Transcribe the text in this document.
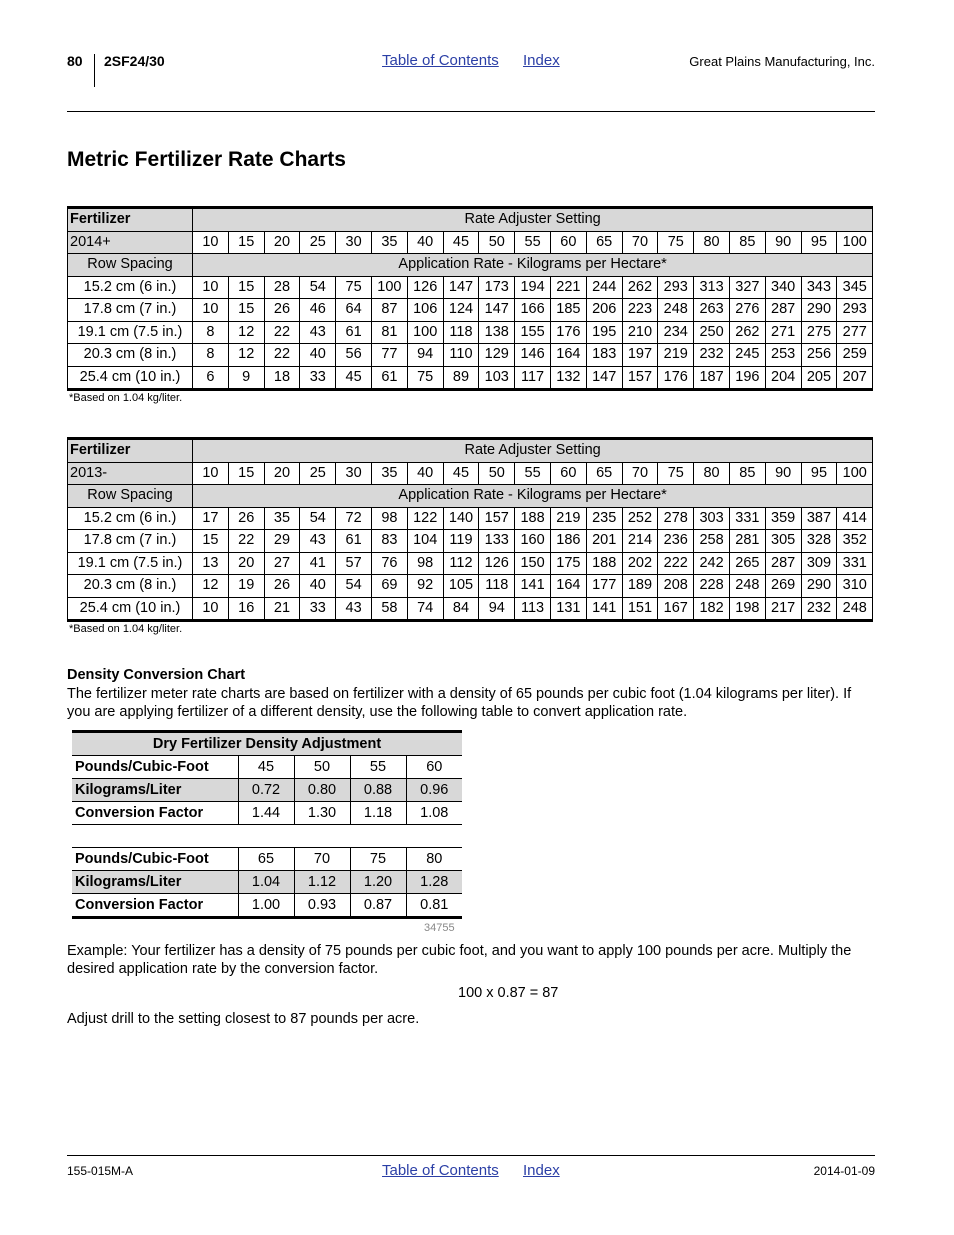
80 2SF24/30	Table of Contents Index	Great Plains Manufacturing, Inc.
Metric Fertilizer Rate Charts
Fertilizer	Rate Adjuster Setting																		
2014+	10	15	20	25	30	35	40	45	50	55	60	65	70	75	80	85	90	95	100
Row Spacing	Application Rate - Kilograms per Hectare*																		
15.2 cm (6 in.)	10	15	28	54	75	100	126	147	173	194	221	244	262	293	313	327	340	343	345
17.8 cm (7 in.)	10	15	26	46	64	87	106	124	147	166	185	206	223	248	263	276	287	290	293
19.1 cm (7.5 in.)	8	12	22	43	61	81	100	118	138	155	176	195	210	234	250	262	271	275	277
20.3 cm (8 in.)	8	12	22	40	56	77	94	110	129	146	164	183	197	219	232	245	253	256	259
25.4 cm (10 in.)	6	9	18	33	45	61	75	89	103	117	132	147	157	176	187	196	204	205	207
*Based on 1.04 kg/liter.
Fertilizer	Rate Adjuster Setting																		
2013-	10	15	20	25	30	35	40	45	50	55	60	65	70	75	80	85	90	95	100
Row Spacing	Application Rate - Kilograms per Hectare*																		
15.2 cm (6 in.)	17	26	35	54	72	98	122	140	157	188	219	235	252	278	303	331	359	387	414
17.8 cm (7 in.)	15	22	29	43	61	83	104	119	133	160	186	201	214	236	258	281	305	328	352
19.1 cm (7.5 in.)	13	20	27	41	57	76	98	112	126	150	175	188	202	222	242	265	287	309	331
20.3 cm (8 in.)	12	19	26	40	54	69	92	105	118	141	164	177	189	208	228	248	269	290	310
25.4 cm (10 in.)	10	16	21	33	43	58	74	84	94	113	131	141	151	167	182	198	217	232	248
*Based on 1.04 kg/liter.
Density Conversion Chart
The fertilizer meter rate charts are based on fertilizer with a density of 65 pounds per cubic foot (1.04 kilograms per liter). If you are applying fertilizer of a different density, use the following table to convert application rate.
Dry Fertilizer Density Adjustment				
Pounds/Cubic-Foot	45	50	55	60
Kilograms/Liter	0.72	0.80	0.88	0.96
Conversion Factor	1.44	1.30	1.18	1.08

Pounds/Cubic-Foot	65	70	75	80
Kilograms/Liter	1.04	1.12	1.20	1.28
Conversion Factor	1.00	0.93	0.87	0.81
34755
Example: Your fertilizer has a density of 75 pounds per cubic foot, and you want to apply 100 pounds per acre. Multiply the desired application rate by the conversion factor.
100 x 0.87 = 87
Adjust drill to the setting closest to 87 pounds per acre.
155-015M-A	Table of Contents Index	2014-01-09
